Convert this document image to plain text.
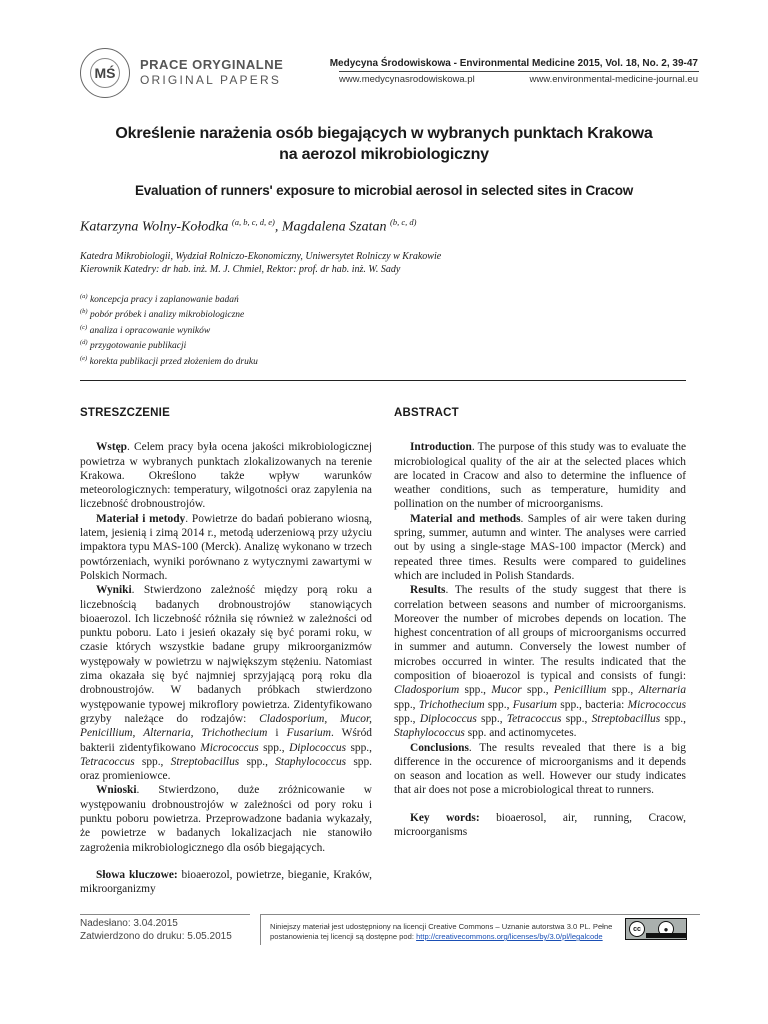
MŚ
PRACE ORYGINALNE
ORIGINAL PAPERS
Medycyna Środowiskowa - Environmental Medicine 2015, Vol. 18, No. 2, 39-47
www.medycynasrodowiskowa.pl	www.environmental-medicine-journal.eu
Określenie narażenia osób biegających w wybranych punktach Krakowa
na aerozol mikrobiologiczny
Evaluation of runners' exposure to microbial aerosol in selected sites in Cracow
Katarzyna Wolny-Kołodka $^{(a, b, c, d, e)}$, Magdalena Szatan $^{(b, c, d)}$
Katedra Mikrobiologii, Wydział Rolniczo-Ekonomiczny, Uniwersytet Rolniczy w Krakowie
Kierownik Katedry: dr hab. inż. M. J. Chmiel, Rektor: prof. dr hab. inż. W. Sady
$^{(a)}$ koncepcja pracy i zaplanowanie badań
$^{(b)}$ pobór próbek i analizy mikrobiologiczne
$^{(c)}$ analiza i opracowanie wyników
$^{(d)}$ przygotowanie publikacji
$^{(e)}$ korekta publikacji przed złożeniem do druku
STRESZCZENIE

Wstęp. Celem pracy była ocena jakości mikrobiologicznej powietrza w wybranych punktach zlokalizowanych na terenie Krakowa. Określono także wpływ warunków meteorologicznych: temperatury, wilgotności oraz zapylenia na liczebność drobnoustrojów.

Materiał i metody. Powietrze do badań pobierano wiosną, latem, jesienią i zimą 2014 r., metodą uderzeniową przy użyciu impaktora typu MAS-100 (Merck). Analizę wykonano w trzech powtórzeniach, wyniki porównano z wytycznymi zawartymi w Polskich Normach.

Wyniki. Stwierdzono zależność między porą roku a liczebnością badanych drobnoustrojów stanowiących bioaerozol. Ich liczebność różniła się również w zależności od punktu poboru. Lato i jesień okazały się być porami roku, w czasie których wszystkie badane grupy mikroorganizmów występowały w powietrzu w największym stężeniu. Natomiast zima okazała się być najmniej sprzyjającą porą roku dla drobnoustrojów. W badanych próbkach stwierdzono występowanie typowej mikroflory powietrza. Zidentyfikowano grzyby należące do rodzajów: Cladosporium, Mucor, Penicillium, Alternaria, Trichothecium i Fusarium. Wśród bakterii zidentyfikowano Micrococcus spp., Diplococcus spp., Tetracoccus spp., Streptobacillus spp., Staphylococcus spp. oraz promieniowce.

Wnioski. Stwierdzono, duże zróżnicowanie w występowaniu drobnoustrojów w zależności od pory roku i punktu poboru powietrza. Przeprowadzone badania wykazały, że powietrze w badanych lokalizacjach nie stanowiło zagrożenia mikrobiologicznego dla osób biegających.

Słowa kluczowe: bioaerozol, powietrze, bieganie, Kraków, mikroorganizmy

ABSTRACT

Introduction. The purpose of this study was to evaluate the microbiological quality of the air at the selected places which are located in Cracow and also to determine the influence of weather conditions, such as temperature, humidity and pollination on the number of microorganisms.

Material and methods. Samples of air were taken during spring, summer, autumn and winter. The analyses were carried out by using a single-stage MAS-100 impactor (Merck) and repeated three times. Results were compared to guidelines which are included in Polish Standards.

Results. The results of the study suggest that there is correlation between seasons and number of microorganisms. Moreover the number of microbes depends on location. The highest concentration of all groups of microorganisms occurred in summer and autumn. Conversely the lowest number of microbes occurred in winter. The results indicated that the composition of bioaerozol is typical and consists of fungi: Cladosporium spp., Mucor spp., Penicillium spp., Alternaria spp., Trichothecium spp., Fusarium spp., bacteria: Micrococcus spp., Diplococcus spp., Tetracoccus spp., Streptobacillus spp., Staphylococcus spp. and actinomycetes.

Conclusions. The results revealed that there is a big difference in the occurence of microorganisms and it depends on season and location as well. However our study indicates that air does not pose a microbiological threat to runners.

Key words: bioaerosol, air, running, Cracow, microorganisms

Nadesłano: 3.04.2015
Zatwierdzono do druku: 5.05.2015
Niniejszy materiał jest udostępniony na licencji Creative Commons – Uznanie autorstwa 3.0 PL. Pełne
postanowienia tej licencji są dostępne pod: http://creativecommons.org/licenses/by/3.0/pl/legalcode
cc	●
